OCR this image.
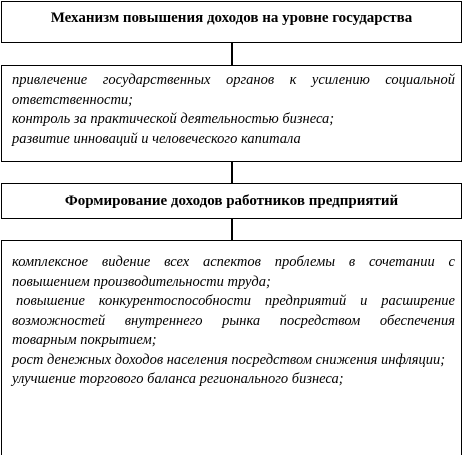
Механизм повышения доходов на уровне государства
привлечение государственных органов к усилению социальной ответственности;
контроль за практической деятельностью бизнеса;
развитие инноваций и человеческого капитала
Формирование доходов работников предприятий
комплексное видение всех аспектов проблемы в сочетании с повышением производительности труда;
повышение конкурентоспособности предприятий и расширение возможностей внутреннего рынка посредством обеспечения товарным покрытием;
рост денежных доходов населения посредством снижения инфляции;
улучшение торгового баланса регионального бизнеса;
